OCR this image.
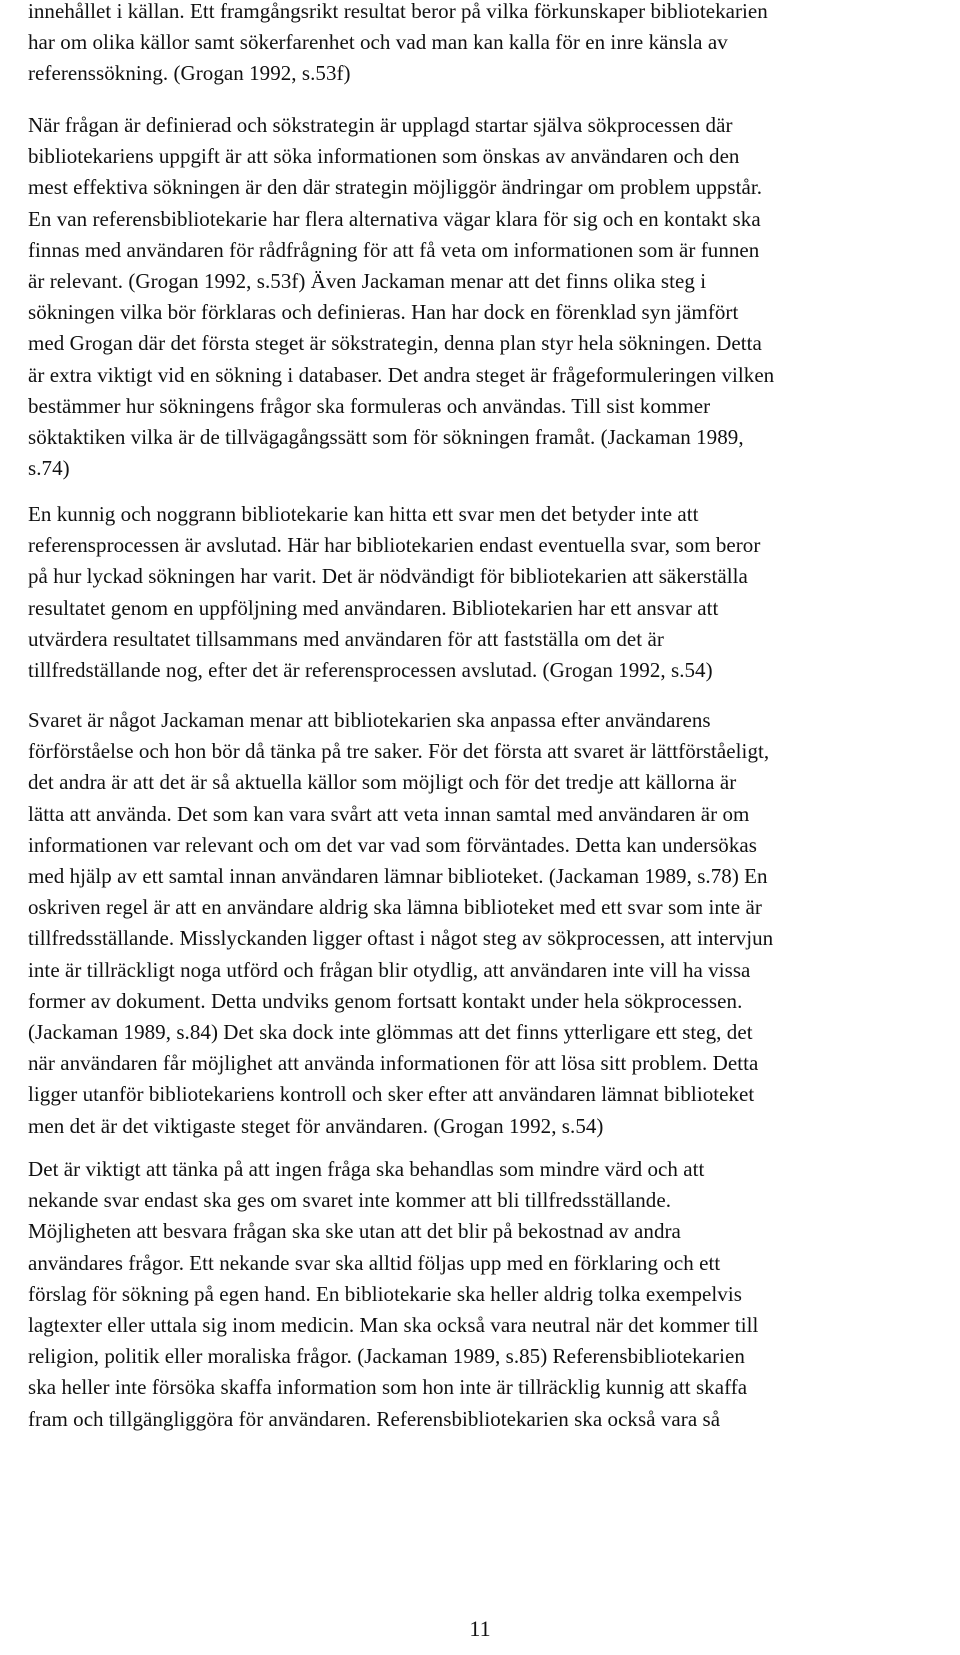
innehållet i källan. Ett framgångsrikt resultat beror på vilka förkunskaper bibliotekarien
har om olika källor samt sökerfarenhet och vad man kan kalla för en inre känsla av
referenssökning. (Grogan 1992, s.53f)
När frågan är definierad och sökstrategin är upplagd startar själva sökprocessen där
bibliotekariens uppgift är att söka informationen som önskas av användaren och den
mest effektiva sökningen är den där strategin möjliggör ändringar om problem uppstår.
En van referensbibliotekarie har flera alternativa vägar klara för sig och en kontakt ska
finnas med användaren för rådfrågning för att få veta om informationen som är funnen
är relevant. (Grogan 1992, s.53f) Även Jackaman menar att det finns olika steg i
sökningen vilka bör förklaras och definieras. Han har dock en förenklad syn jämfört
med Grogan där det första steget är sökstrategin, denna plan styr hela sökningen. Detta
är extra viktigt vid en sökning i databaser. Det andra steget är frågeformuleringen vilken
bestämmer hur sökningens frågor ska formuleras och användas. Till sist kommer
söktaktiken vilka är de tillvägagångssätt som för sökningen framåt. (Jackaman 1989,
s.74)
En kunnig och noggrann bibliotekarie kan hitta ett svar men det betyder inte att
referensprocessen är avslutad. Här har bibliotekarien endast eventuella svar, som beror
på hur lyckad sökningen har varit. Det är nödvändigt för bibliotekarien att säkerställa
resultatet genom en uppföljning med användaren. Bibliotekarien har ett ansvar att
utvärdera resultatet tillsammans med användaren för att fastställa om det är
tillfredställande nog, efter det är referensprocessen avslutad. (Grogan 1992, s.54)
Svaret är något Jackaman menar att bibliotekarien ska anpassa efter användarens
förförståelse och hon bör då tänka på tre saker. För det första att svaret är lättförståeligt,
det andra är att det är så aktuella källor som möjligt och för det tredje att källorna är
lätta att använda. Det som kan vara svårt att veta innan samtal med användaren är om
informationen var relevant och om det var vad som förväntades. Detta kan undersökas
med hjälp av ett samtal innan användaren lämnar biblioteket. (Jackaman 1989, s.78) En
oskriven regel är att en användare aldrig ska lämna biblioteket med ett svar som inte är
tillfredsställande. Misslyckanden ligger oftast i något steg av sökprocessen, att intervjun
inte är tillräckligt noga utförd och frågan blir otydlig, att användaren inte vill ha vissa
former av dokument. Detta undviks genom fortsatt kontakt under hela sökprocessen.
(Jackaman 1989, s.84) Det ska dock inte glömmas att det finns ytterligare ett steg, det
när användaren får möjlighet att använda informationen för att lösa sitt problem. Detta
ligger utanför bibliotekariens kontroll och sker efter att användaren lämnat biblioteket
men det är det viktigaste steget för användaren. (Grogan 1992, s.54)
Det är viktigt att tänka på att ingen fråga ska behandlas som mindre värd och att
nekande svar endast ska ges om svaret inte kommer att bli tillfredsställande.
Möjligheten att besvara frågan ska ske utan att det blir på bekostnad av andra
användares frågor. Ett nekande svar ska alltid följas upp med en förklaring och ett
förslag för sökning på egen hand. En bibliotekarie ska heller aldrig tolka exempelvis
lagtexter eller uttala sig inom medicin. Man ska också vara neutral när det kommer till
religion, politik eller moraliska frågor. (Jackaman 1989, s.85) Referensbibliotekarien
ska heller inte försöka skaffa information som hon inte är tillräcklig kunnig att skaffa
fram och tillgängliggöra för användaren. Referensbibliotekarien ska också vara så
11
